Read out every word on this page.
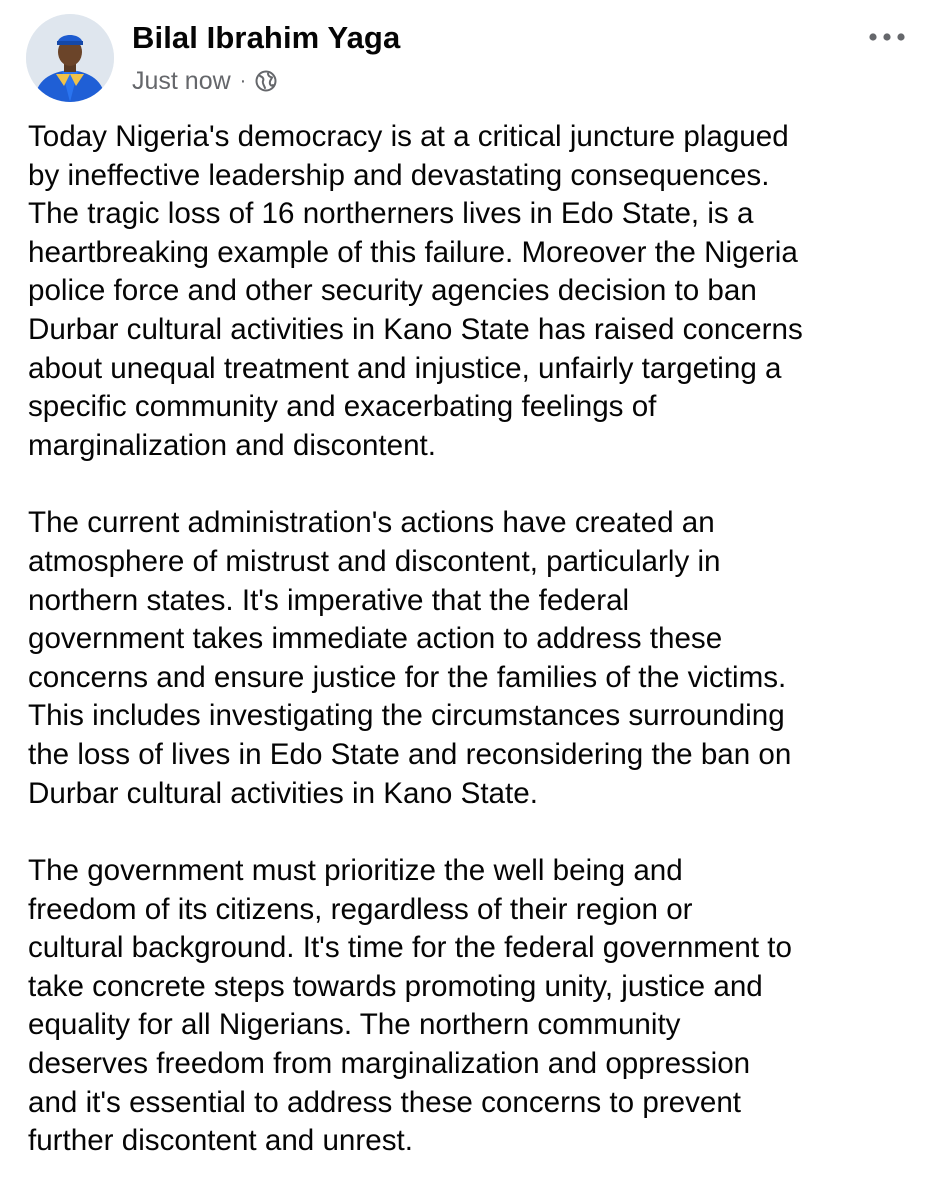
Bilal Ibrahim Yaga
Just now ·

Today Nigeria's democracy is at a critical juncture plagued
by ineffective leadership and devastating consequences.
The tragic loss of 16 northerners lives in Edo State, is a
heartbreaking example of this failure. Moreover the Nigeria
police force and other security agencies decision to ban
Durbar cultural activities in Kano State has raised concerns
about unequal treatment and injustice, unfairly targeting a
specific community and exacerbating feelings of
marginalization and discontent.

The current administration's actions have created an
atmosphere of mistrust and discontent, particularly in
northern states. It's imperative that the federal
government takes immediate action to address these
concerns and ensure justice for the families of the victims.
This includes investigating the circumstances surrounding
the loss of lives in Edo State and reconsidering the ban on
Durbar cultural activities in Kano State.

The government must prioritize the well being and
freedom of its citizens, regardless of their region or
cultural background. It's time for the federal government to
take concrete steps towards promoting unity, justice and
equality for all Nigerians. The northern community
deserves freedom from marginalization and oppression
and it's essential to address these concerns to prevent
further discontent and unrest.
